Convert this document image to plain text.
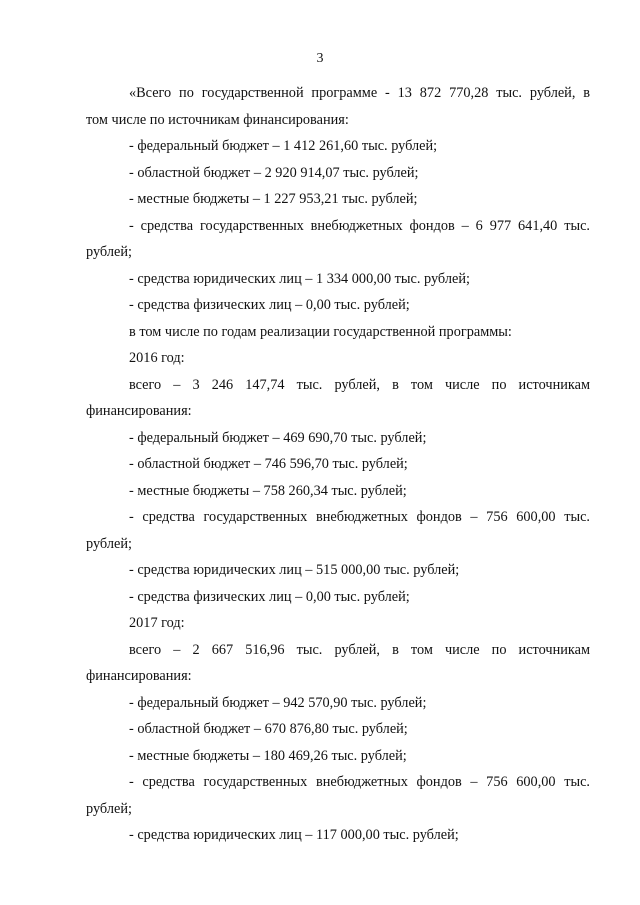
3
«Всего по государственной программе - 13 872 770,28 тыс. рублей, в
том числе по источникам финансирования:
- федеральный бюджет – 1 412 261,60 тыс. рублей;
- областной бюджет – 2 920 914,07 тыс. рублей;
- местные бюджеты – 1 227 953,21 тыс. рублей;
- средства государственных внебюджетных фондов – 6 977 641,40 тыс.
рублей;
- средства юридических лиц – 1 334 000,00 тыс. рублей;
- средства физических лиц – 0,00 тыс. рублей;
в том числе по годам реализации государственной программы:
2016 год:
всего – 3 246 147,74 тыс. рублей, в том числе по источникам
финансирования:
- федеральный бюджет – 469 690,70 тыс. рублей;
- областной бюджет – 746 596,70 тыс. рублей;
- местные бюджеты – 758 260,34 тыс. рублей;
- средства государственных внебюджетных фондов – 756 600,00 тыс.
рублей;
- средства юридических лиц – 515 000,00 тыс. рублей;
- средства физических лиц – 0,00 тыс. рублей;
2017 год:
всего – 2 667 516,96 тыс. рублей, в том числе по источникам
финансирования:
- федеральный бюджет – 942 570,90 тыс. рублей;
- областной бюджет – 670 876,80 тыс. рублей;
- местные бюджеты – 180 469,26 тыс. рублей;
- средства государственных внебюджетных фондов – 756 600,00 тыс.
рублей;
- средства юридических лиц – 117 000,00 тыс. рублей;
